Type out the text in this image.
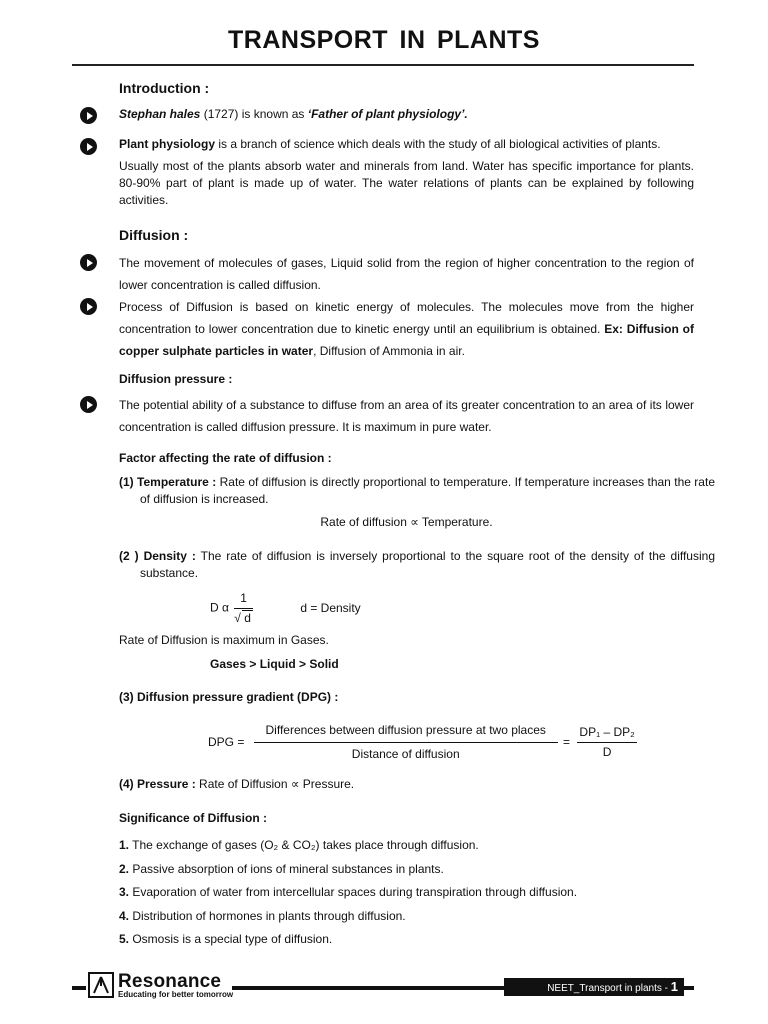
TRANSPORT IN PLANTS
Introduction :
Stephan hales (1727) is known as ‘Father of plant physiology’.

Plant physiology is a branch of science which deals with the study of all biological activities of plants.

Usually most of the plants absorb water and minerals from land. Water has specific importance for plants. 80-90% part of plant is made up of water. The water relations of plants can be explained by following activities.

Diffusion :
The movement of molecules of gases, Liquid solid from the region of higher concentration to the region of lower concentration is called diffusion.
Process of Diffusion is based on kinetic energy of molecules. The molecules move from the higher concentration to lower concentration due to kinetic energy until an equilibrium is obtained. Ex: Diffusion of copper sulphate particles in water, Diffusion of Ammonia in air.
Diffusion pressure :
The potential ability of a substance to diffuse from an area of its greater concentration to an area of its lower concentration is called diffusion pressure. It is maximum in pure water.
Factor affecting the rate of diffusion :
(1) Temperature : Rate of diffusion is directly proportional to temperature. If temperature increases than the rate of diffusion is increased.
Rate of diffusion ∝ Temperature.
(2 ) Density : The rate of diffusion is inversely proportional to the square root of the density of the diffusing substance.
D α 1
√ d	d = Density
Rate of Diffusion is maximum in Gases.
Gases > Liquid > Solid
(3) Diffusion pressure gradient (DPG) :
DPG = $\frac{\text{Differences between diffusion pressure at two places}}{\text{Distance of diffusion}} = \frac{\text{DP₁ – DP₂}}{D}$
(4) Pressure : Rate of Diffusion ∝ Pressure.
Significance of Diffusion :

1. The exchange of gases (O₂ & CO₂) takes place through diffusion.

2. Passive absorption of ions of mineral substances in plants.

3. Evaporation of water from intercellular spaces during transpiration through diffusion.

4. Distribution of hormones in plants through diffusion.

5. Osmosis is a special type of diffusion.

Resonance
Educating for better tomorrow
NEET_Transport in plants - 1
